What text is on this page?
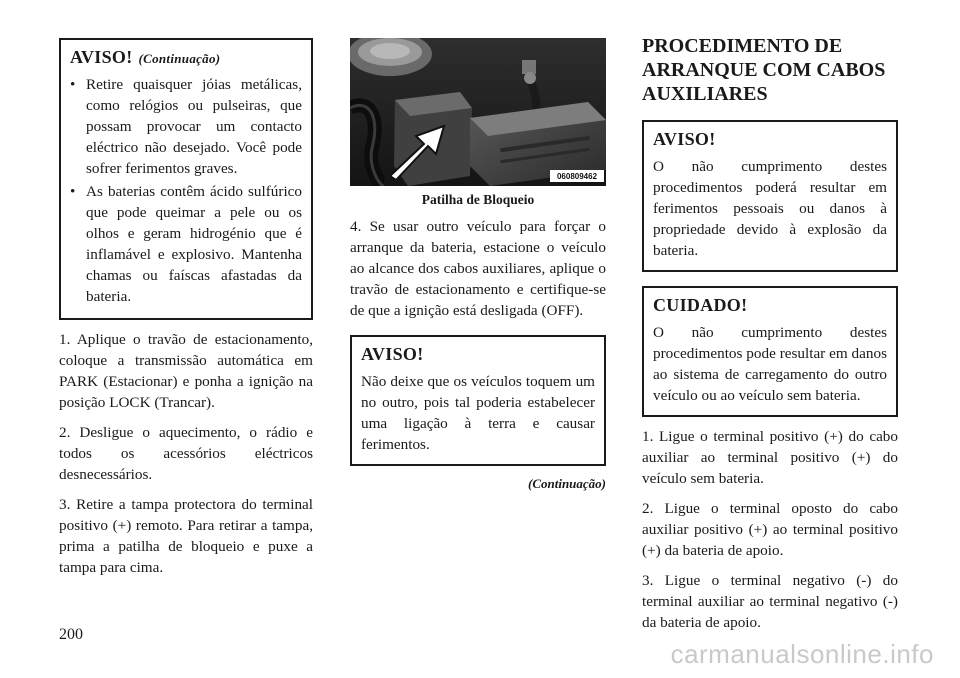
AVISO! (Continuação)
• Retire quaisquer jóias metálicas, como relógios ou pulseiras, que possam provocar um contacto eléctrico não desejado. Você pode sofrer ferimentos graves.
• As baterias contêm ácido sulfúrico que pode queimar a pele ou os olhos e geram hidrogénio que é inflamável e explosivo. Mantenha chamas ou faíscas afastadas da bateria.
1. Aplique o travão de estacionamento, coloque a transmissão automática em PARK (Estacionar) e ponha a ignição na posição LOCK (Trancar).
2. Desligue o aquecimento, o rádio e todos os acessórios eléctricos desnecessários.
3. Retire a tampa protectora do terminal positivo (+) remoto. Para retirar a tampa, prima a patilha de bloqueio e puxe a tampa para cima.
060809462
Patilha de Bloqueio
4. Se usar outro veículo para forçar o arranque da bateria, estacione o veículo ao alcance dos cabos auxiliares, aplique o travão de estacionamento e certifique-se de que a ignição está desligada (OFF).
AVISO!
Não deixe que os veículos toquem um no outro, pois tal poderia estabelecer uma ligação à terra e causar ferimentos.
(Continuação)
PROCEDIMENTO DE ARRANQUE COM CABOS AUXILIARES
AVISO!
O não cumprimento destes procedimentos poderá resultar em ferimentos pessoais ou danos à propriedade devido à explosão da bateria.
CUIDADO!
O não cumprimento destes procedimentos pode resultar em danos ao sistema de carregamento do outro veículo ou ao veículo sem bateria.
1. Ligue o terminal positivo (+) do cabo auxiliar ao terminal positivo (+) do veículo sem bateria.
2. Ligue o terminal oposto do cabo auxiliar positivo (+) ao terminal positivo (+) da bateria de apoio.
3. Ligue o terminal negativo (-) do terminal auxiliar ao terminal negativo (-) da bateria de apoio.
200
carmanualsonline.info
